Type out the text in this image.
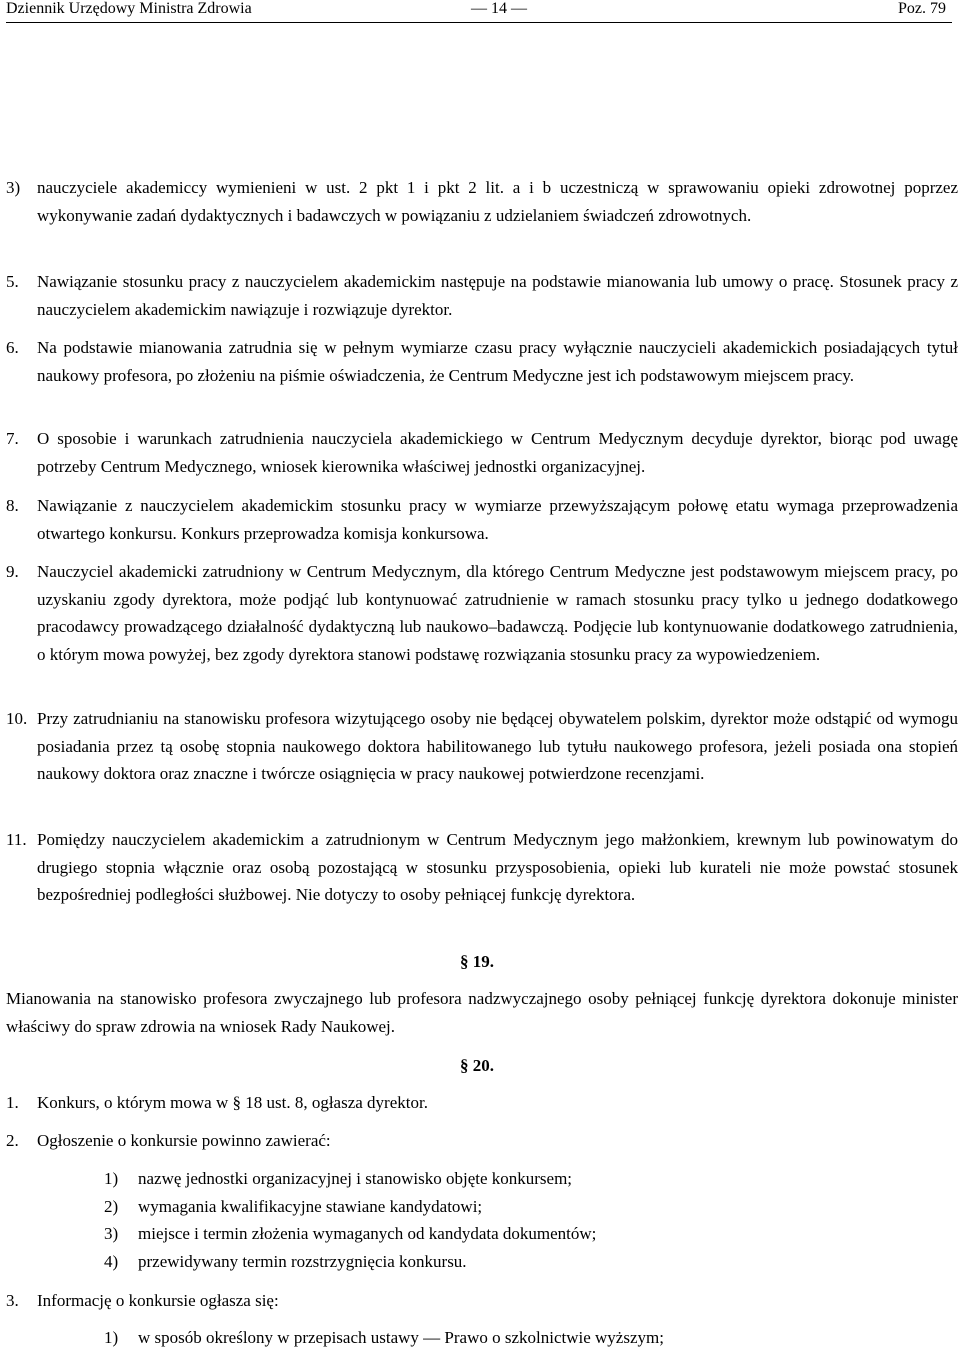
Dziennik Urzędowy Ministra Zdrowia	— 14 —	Poz. 79
3) nauczyciele akademiccy wymienieni w ust. 2 pkt 1 i pkt 2 lit. a i b uczestniczą w sprawowaniu opieki zdrowotnej poprzez wykonywanie zadań dydaktycznych i badawczych w powiązaniu z udzielaniem świadczeń zdrowotnych.
5. Nawiązanie stosunku pracy z nauczycielem akademickim następuje na podstawie mianowania lub umowy o pracę. Stosunek pracy z nauczycielem akademickim nawiązuje i rozwiązuje dyrektor.
6. Na podstawie mianowania zatrudnia się w pełnym wymiarze czasu pracy wyłącznie nauczycieli akademickich posiadających tytuł naukowy profesora, po złożeniu na piśmie oświadczenia, że Centrum Medyczne jest ich podstawowym miejscem pracy.
7. O sposobie i warunkach zatrudnienia nauczyciela akademickiego w Centrum Medycznym decyduje dyrektor, biorąc pod uwagę potrzeby Centrum Medycznego, wniosek kierownika właściwej jednostki organizacyjnej.
8. Nawiązanie z nauczycielem akademickim stosunku pracy w wymiarze przewyższającym połowę etatu wymaga przeprowadzenia otwartego konkursu. Konkurs przeprowadza komisja konkursowa.
9. Nauczyciel akademicki zatrudniony w Centrum Medycznym, dla którego Centrum Medyczne jest podstawowym miejscem pracy, po uzyskaniu zgody dyrektora, może podjąć lub kontynuować zatrudnienie w ramach stosunku pracy tylko u jednego dodatkowego pracodawcy prowadzącego działalność dydaktyczną lub naukowo–badawczą. Podjęcie lub kontynuowanie dodatkowego zatrudnienia, o którym mowa powyżej, bez zgody dyrektora stanowi podstawę rozwiązania stosunku pracy za wypowiedzeniem.
10. Przy zatrudnianiu na stanowisku profesora wizytującego osoby nie będącej obywatelem polskim, dyrektor może odstąpić od wymogu posiadania przez tą osobę stopnia naukowego doktora habilitowanego lub tytułu naukowego profesora, jeżeli posiada ona stopień naukowy doktora oraz znaczne i twórcze osiągnięcia w pracy naukowej potwierdzone recenzjami.
11. Pomiędzy nauczycielem akademickim a zatrudnionym w Centrum Medycznym jego małżonkiem, krewnym lub powinowatym do drugiego stopnia włącznie oraz osobą pozostającą w stosunku przysposobienia, opieki lub kurateli nie może powstać stosunek bezpośredniej podległości służbowej. Nie dotyczy to osoby pełniącej funkcję dyrektora.
§ 19.
Mianowania na stanowisko profesora zwyczajnego lub profesora nadzwyczajnego osoby pełniącej funkcję dyrektora dokonuje minister właściwy do spraw zdrowia na wniosek Rady Naukowej.
§ 20.
1. Konkurs, o którym mowa w § 18 ust. 8, ogłasza dyrektor.
2. Ogłoszenie o konkursie powinno zawierać:
1) nazwę jednostki organizacyjnej i stanowisko objęte konkursem;
2) wymagania kwalifikacyjne stawiane kandydatowi;
3) miejsce i termin złożenia wymaganych od kandydata dokumentów;
4) przewidywany termin rozstrzygnięcia konkursu.
3. Informację o konkursie ogłasza się:
1) w sposób określony w przepisach ustawy — Prawo o szkolnictwie wyższym;
